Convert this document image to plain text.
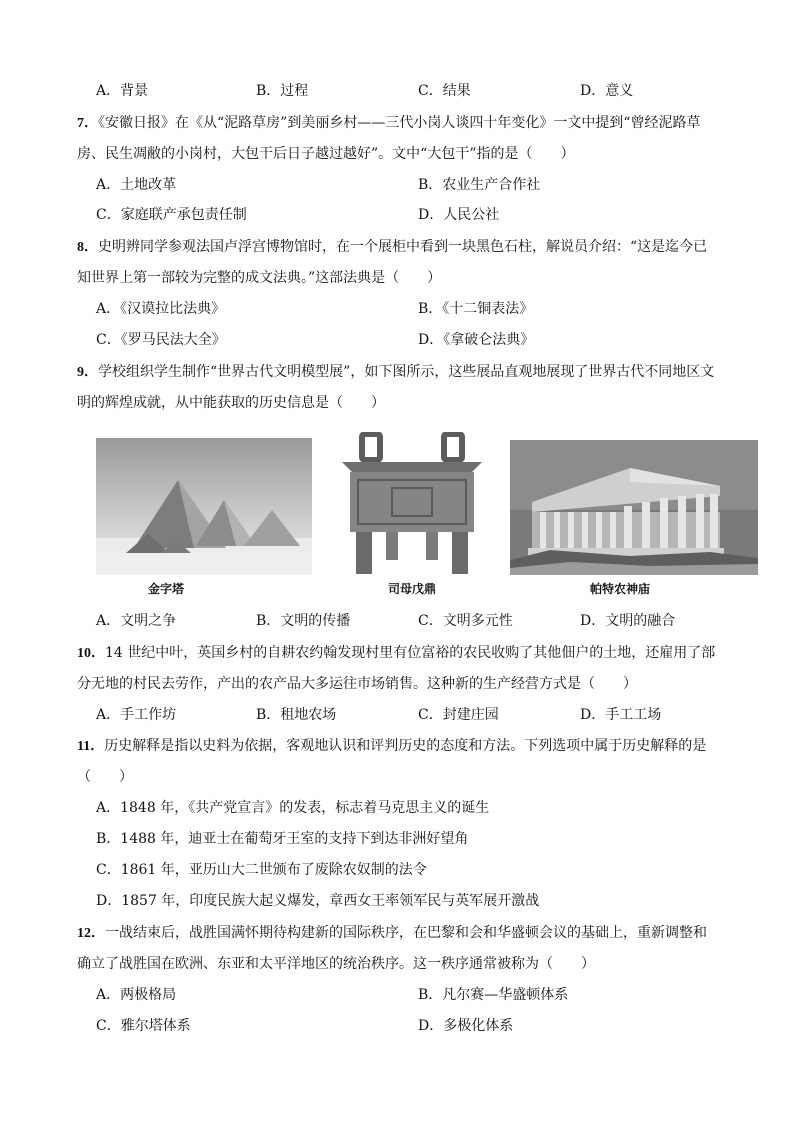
A．背景	B．过程	C．结果	D．意义
7．《安徽日报》在《从“泥路草房”到美丽乡村——三代小岗人谈四十年变化》一文中提到“曾经泥路草
房、民生凋敝的小岗村，大包干后日子越过越好”。文中“大包干”指的是（　　）
A．土地改革	B．农业生产合作社
C．家庭联产承包责任制	D．人民公社
8．史明辨同学参观法国卢浮宫博物馆时，在一个展柜中看到一块黑色石柱，解说员介绍：“这是迄今已
知世界上第一部较为完整的成文法典。”这部法典是（　　）
A．《汉谟拉比法典》	B．《十二铜表法》
C．《罗马民法大全》	D．《拿破仑法典》
9．学校组织学生制作“世界古代文明模型展”，如下图所示，这些展品直观地展现了世界古代不同地区文
明的辉煌成就，从中能获取的历史信息是（　　）
金字塔	司母戊鼎	帕特农神庙
A．文明之争	B．文明的传播	C．文明多元性	D．文明的融合
10．14 世纪中叶，英国乡村的自耕农约翰发现村里有位富裕的农民收购了其他佃户的土地，还雇用了部
分无地的村民去劳作，产出的农产品大多运往市场销售。这种新的生产经营方式是（　　）
A．手工作坊	B．租地农场	C．封建庄园	D．手工工场
11．历史解释是指以史料为依据，客观地认识和评判历史的态度和方法。下列选项中属于历史解释的是
（　　）
A．1848 年，《共产党宣言》的发表，标志着马克思主义的诞生
B．1488 年，迪亚士在葡萄牙王室的支持下到达非洲好望角
C．1861 年，亚历山大二世颁布了废除农奴制的法令
D．1857 年，印度民族大起义爆发，章西女王率领军民与英军展开激战
12．一战结束后，战胜国满怀期待构建新的国际秩序，在巴黎和会和华盛顿会议的基础上，重新调整和
确立了战胜国在欧洲、东亚和太平洋地区的统治秩序。这一秩序通常被称为（　　）
A．两极格局	B．凡尔赛—华盛顿体系
C．雅尔塔体系	D．多极化体系
